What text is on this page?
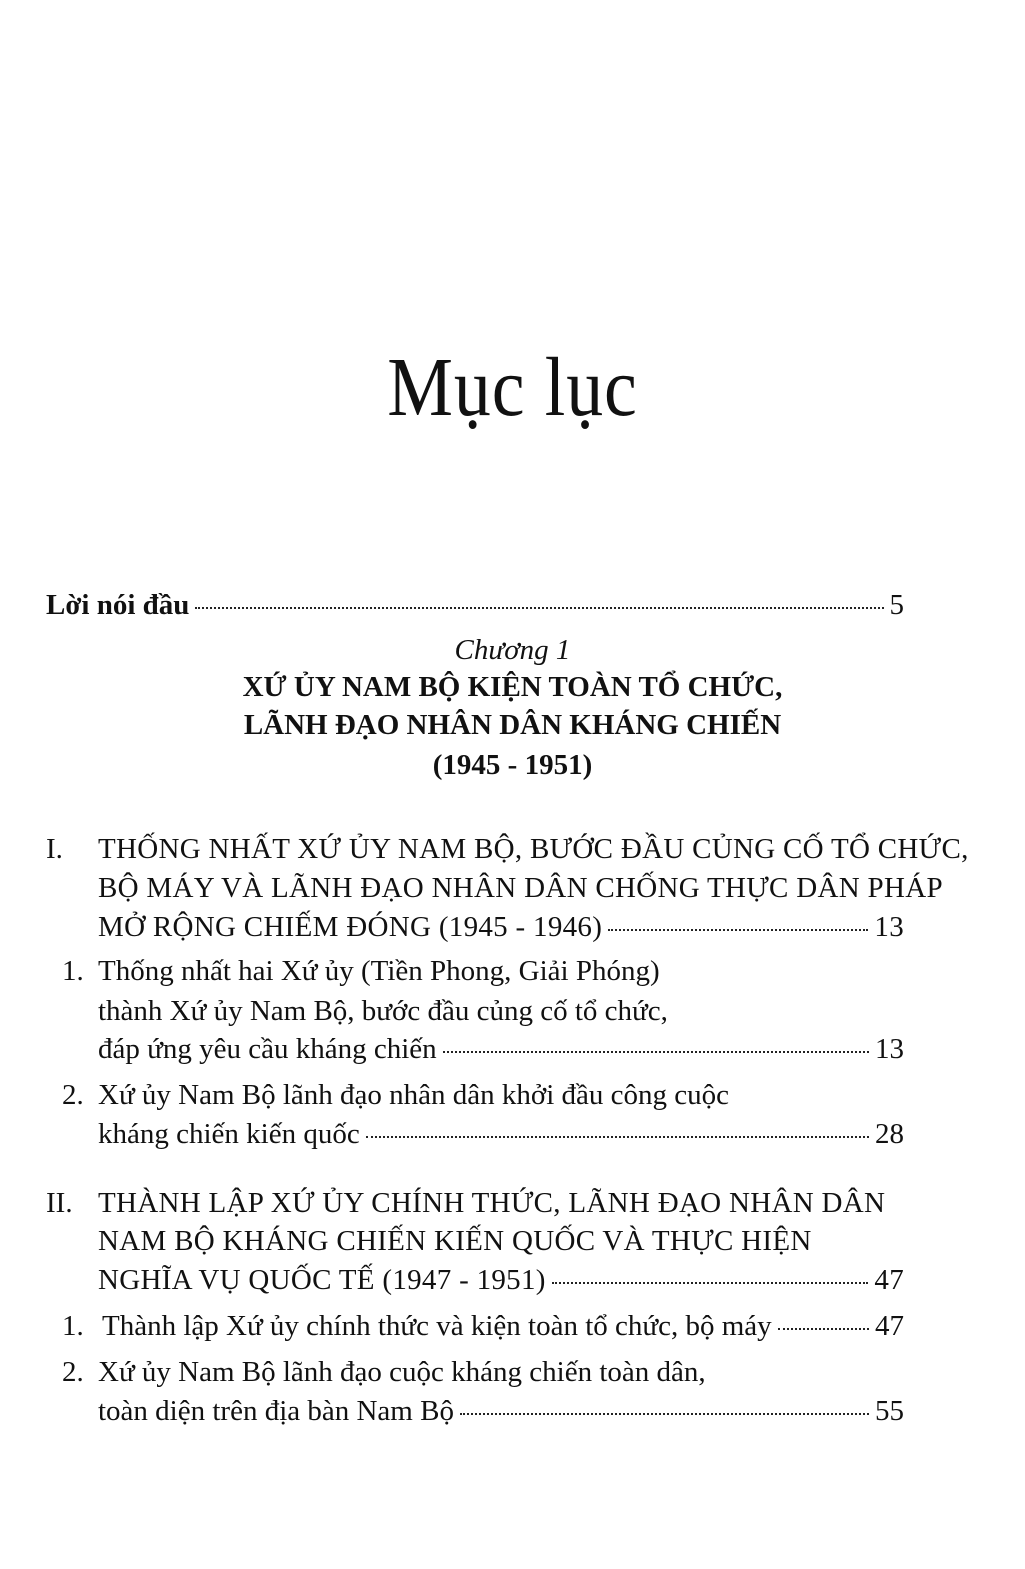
Mục lục
Lời nói đầu	5
Chương 1
XỨ ỦY NAM BỘ KIỆN TOÀN TỔ CHỨC,
LÃNH ĐẠO NHÂN DÂN KHÁNG CHIẾN
(1945 - 1951)
I. THỐNG NHẤT XỨ ỦY NAM BỘ, BƯỚC ĐẦU CỦNG CỐ TỔ CHỨC,
BỘ MÁY VÀ LÃNH ĐẠO NHÂN DÂN CHỐNG THỰC DÂN PHÁP
MỞ RỘNG CHIẾM ĐÓNG (1945 - 1946)	13
1. Thống nhất hai Xứ ủy (Tiền Phong, Giải Phóng)
thành Xứ ủy Nam Bộ, bước đầu củng cố tổ chức,
đáp ứng yêu cầu kháng chiến	13
2. Xứ ủy Nam Bộ lãnh đạo nhân dân khởi đầu công cuộc
kháng chiến kiến quốc	28
II. THÀNH LẬP XỨ ỦY CHÍNH THỨC, LÃNH ĐẠO NHÂN DÂN
NAM BỘ KHÁNG CHIẾN KIẾN QUỐC VÀ THỰC HIỆN
NGHĨA VỤ QUỐC TẾ (1947 - 1951)	47
1. Thành lập Xứ ủy chính thức và kiện toàn tổ chức, bộ máy	47
2. Xứ ủy Nam Bộ lãnh đạo cuộc kháng chiến toàn dân,
toàn diện trên địa bàn Nam Bộ	55
